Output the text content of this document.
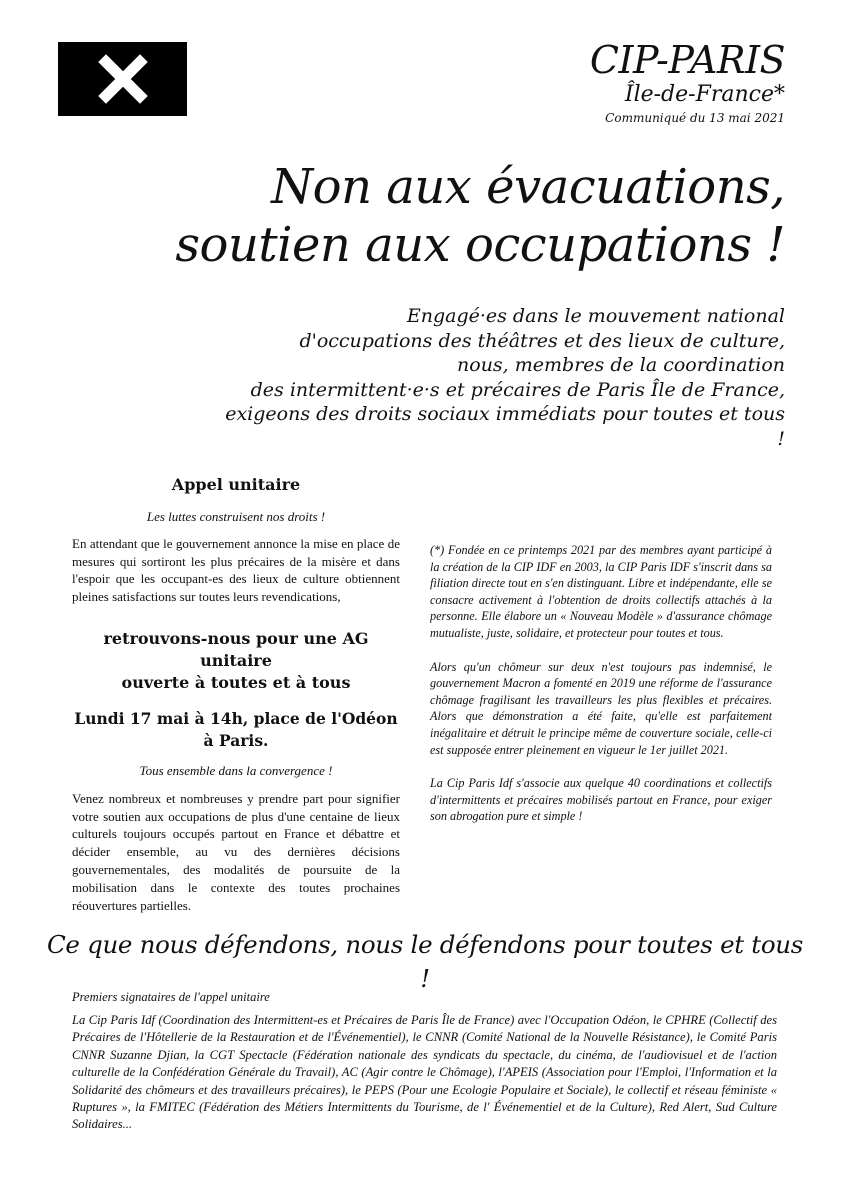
CIP-PARIS
Île-de-France*
Communiqué du 13 mai 2021
Non aux évacuations,
soutien aux occupations !
Engagé·es dans le mouvement national
d'occupations des théâtres et des lieux de culture,
nous, membres de la coordination
des intermittent·e·s et précaires de Paris Île de France,
exigeons des droits sociaux immédiats pour toutes et tous !
Appel unitaire
Les luttes construisent nos droits !

En attendant que le gouvernement annonce la mise en place de mesures qui sortiront les plus précaires de la misère et dans l'espoir que les occupant-es des lieux de culture obtiennent pleines satisfactions sur toutes leurs revendications,

retrouvons-nous pour une AG unitaire
ouverte à toutes et à tous
Lundi 17 mai à 14h, place de l'Odéon à Paris.
Tous ensemble dans la convergence !

Venez nombreux et nombreuses y prendre part pour signifier votre soutien aux occupations de plus d'une centaine de lieux culturels toujours occupés partout en France et débattre et décider ensemble, au vu des dernières décisions gouvernementales, des modalités de poursuite de la mobilisation dans le contexte des toutes prochaines réouvertures partielles.

(*) Fondée en ce printemps 2021 par des membres ayant participé à la création de la CIP IDF en 2003, la CIP Paris IDF s'inscrit dans sa filiation directe tout en s'en distinguant. Libre et indépendante, elle se consacre activement à l'obtention de droits collectifs attachés à la personne. Elle élabore un « Nouveau Modèle » d'assurance chômage mutualiste, juste, solidaire, et protecteur pour toutes et tous.

Alors qu'un chômeur sur deux n'est toujours pas indemnisé, le gouvernement Macron a fomenté en 2019 une réforme de l'assurance chômage fragilisant les travailleurs les plus flexibles et précaires. Alors que démonstration a été faite, qu'elle est parfaitement inégalitaire et détruit le principe même de couverture sociale, celle-ci est supposée entrer pleinement en vigueur le 1er juillet 2021.

La Cip Paris Idf s'associe aux quelque 40 coordinations et collectifs d'intermittents et précaires mobilisés partout en France, pour exiger son abrogation pure et simple !

Ce que nous défendons, nous le défendons pour toutes et tous !
Premiers signataires de l'appel unitaire
La Cip Paris Idf (Coordination des Intermittent-es et Précaires de Paris Île de France) avec l'Occupation Odéon, le CPHRE (Collectif des Précaires de l'Hôtellerie de la Restauration et de l'Événementiel), le CNNR (Comité National de la Nouvelle Résistance), le Comité Paris CNNR Suzanne Djian, la CGT Spectacle (Fédération nationale des syndicats du spectacle, du cinéma, de l'audiovisuel et de l'action culturelle de la Confédération Générale du Travail), AC (Agir contre le Chômage), l'APEIS (Association pour l'Emploi, l'Information et la Solidarité des chômeurs et des travailleurs précaires), le PEPS (Pour une Ecologie Populaire et Sociale), le collectif et réseau féministe « Ruptures », la FMITEC (Fédération des Métiers Intermittents du Tourisme, de l' Événementiel et de la Culture), Red Alert, Sud Culture Solidaires...
